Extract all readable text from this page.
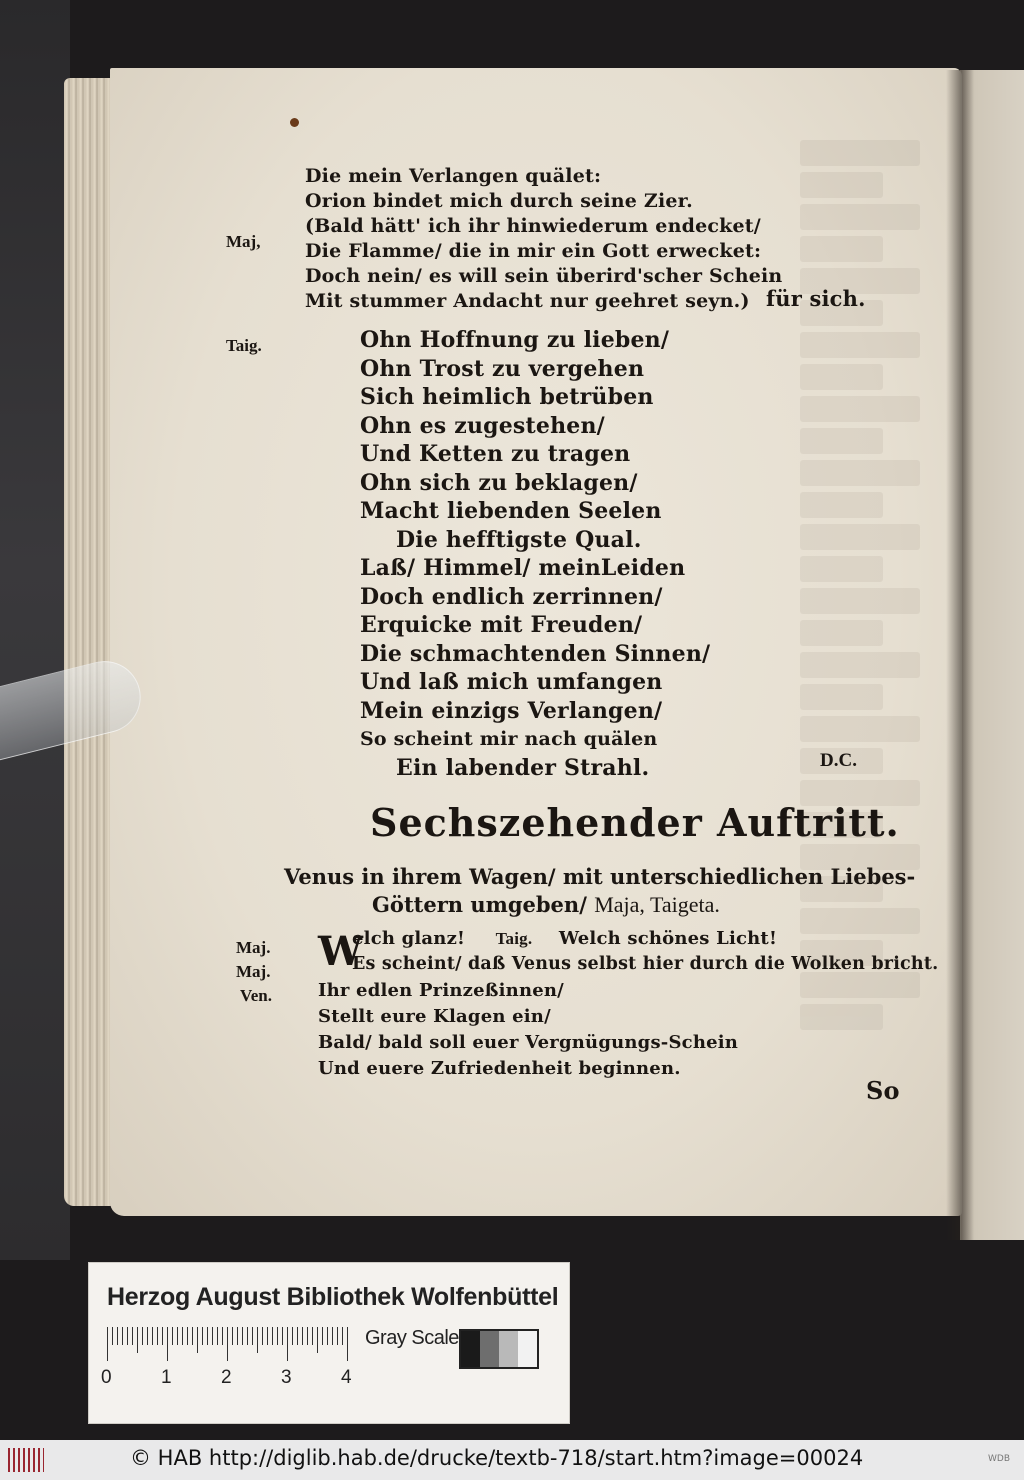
Die mein Verlangen quälet:
Orion bindet mich durch seine Zier.
(Bald hätt' ich ihr hinwiederum endecket/
Die Flamme/ die in mir ein Gott erwecket:
Doch nein/ es will sein überird'scher Schein
Mit stummer Andacht nur geehret seyn.)
Maj,
für sich.
Taig.	Ohn Hoffnung zu lieben/
Ohn Trost zu vergehen
Sich heimlich betrüben
Ohn es zugestehen/
Und Ketten zu tragen
Ohn sich zu beklagen/
Macht liebenden Seelen
Die hefftigste Qual.
Laß/ Himmel/ meinLeiden
Doch endlich zerrinnen/
Erquicke mit Freuden/
Die schmachtenden Sinnen/
Und laß mich umfangen
Mein einzigs Verlangen/
So scheint mir nach quälen
Ein labender Strahl.	D.C.
Sechszehender Auftritt.
Venus in ihrem Wagen/ mit unterschiedlichen Liebes-
Göttern umgeben/ Maja, Taigeta.
Maj. W
elch glanz! Taig. Welch schönes Licht!
Maj.	Es scheint/ daß Venus selbst hier durch die Wolken bricht.
Ven.	Ihr edlen Prinzeßinnen/
Stellt eure Klagen ein/
Bald/ bald soll euer Vergnügungs-Schein
Und euere Zufriedenheit beginnen.
So
Herzog August Bibliothek Wolfenbüttel
0	1	2	3	4
Gray Scale
© HAB http://diglib.hab.de/drucke/textb-718/start.htm?image=00024	WDB
